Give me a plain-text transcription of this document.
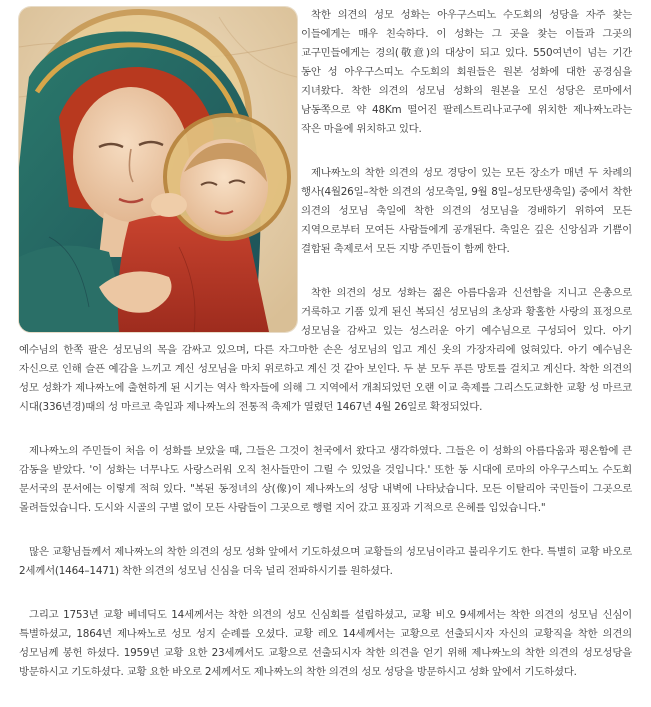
착한 의견의 성모 성화는 아우구스띠노 수도회의 성당을 자주 찾는 이들에게는 매우 친숙하다. 이 성화는 그 곳을 찾는 이들과 그곳의 교구민들에게는 경의(敬意)의 대상이 되고 있다. 550여년이 넘는 기간 동안 성 아우구스띠노 수도회의 회원들은 원본 성화에 대한 공경심을 지녀왔다. 착한 의견의 성모님 성화의 원본을 모신 성당은 로마에서 남동쪽으로 약 48Km 떨어진 팔레스트리나교구에 위치한 제나짜노라는 작은 마을에 위치하고 있다.

제나짜노의 착한 의견의 성모 경당이 있는 모든 장소가 매년 두 차례의 행사(4월26일–착한 의견의 성모축일, 9월 8일–성모탄생축일) 중에서 착한 의견의 성모님 축일에 착한 의견의 성모님을 경배하기 위하여 모든 지역으로부터 모여든 사람들에게 공개된다. 축일은 깊은 신앙심과 기쁨이 결합된 축제로서 모든 지방 주민들이 함께 한다.

착한 의견의 성모 성화는 젊은 아름다움과 신선함을 지니고 은총으로 거룩하고 기품 있게 된신 복되신 성모님의 초상과 황홀한 사랑의 표정으로 성모님을 감싸고 있는 성스러운 아기 예수님으로 구성되어 있다. 아기 예수님의 한쪽 팔은 성모님의 목을 감싸고 있으며, 다른 자그마한 손은 성모님의 입고 계신 옷의 가장자리에 얹혀있다. 아기 예수님은 자신으로 인해 슬픈 예감을 느끼고 계신 성모님을 마치 위로하고 계신 것 같아 보인다. 두 분 모두 푸른 망토를 걸치고 계신다. 착한 의견의 성모 성화가 제나짜노에 출현하게 된 시기는 역사 학자들에 의해 그 지역에서 개최되었던 오랜 이교 축제를 그리스도교화한 교황 성 마르코 시대(336년경)때의 성 마르코 축일과 제나짜노의 전통적 축제가 열렸던 1467년 4월 26일로 확정되었다.

제나짜노의 주민들이 처음 이 성화를 보았을 때, 그들은 그것이 천국에서 왔다고 생각하였다. 그들은 이 성화의 아름다움과 평온함에 큰 감동을 받았다. '이 성화는 너무나도 사랑스러워 오직 천사들만이 그릴 수 있었을 것입니다.' 또한 동 시대에 로마의 아우구스띠노 수도회 문서국의 문서에는 이렇게 적혀 있다. "복된 동정녀의 상(像)이 제나짜노의 성당 내벽에 나타났습니다. 모든 이탈리아 국민들이 그곳으로 몰려들었습니다. 도시와 시골의 구별 없이 모든 사람들이 그곳으로 행렬 지어 갔고 표징과 기적으로 은혜를 입었습니다."

많은 교황님들께서 제나짜노의 착한 의견의 성모 성화 앞에서 기도하셨으며 교황들의 성모님이라고 불리우기도 한다. 특별히 교황 바오로 2세께서(1464–1471) 착한 의견의 성모님 신심을 더욱 널리 전파하시기를 원하셨다.

그리고 1753년 교황 베네딕도 14세께서는 착한 의견의 성모 신심회를 설립하셨고, 교황 비오 9세께서는 착한 의견의 성모님 신심이 특별하셨고, 1864년 제나짜노로 성모 성지 순례를 오셨다. 교황 레오 14세께서는 교황으로 선출되시자 자신의 교황직을 착한 의견의 성모님께 봉헌 하셨다. 1959년 교황 요한 23세께서도 교황으로 선출되시자 착한 의견을 얻기 위해 제나짜노의 착한 의견의 성모성당을 방문하시고 기도하셨다. 교황 요한 바오로 2세께서도 제나짜노의 착한 의견의 성모 성당을 방문하시고 성화 앞에서 기도하셨다.
